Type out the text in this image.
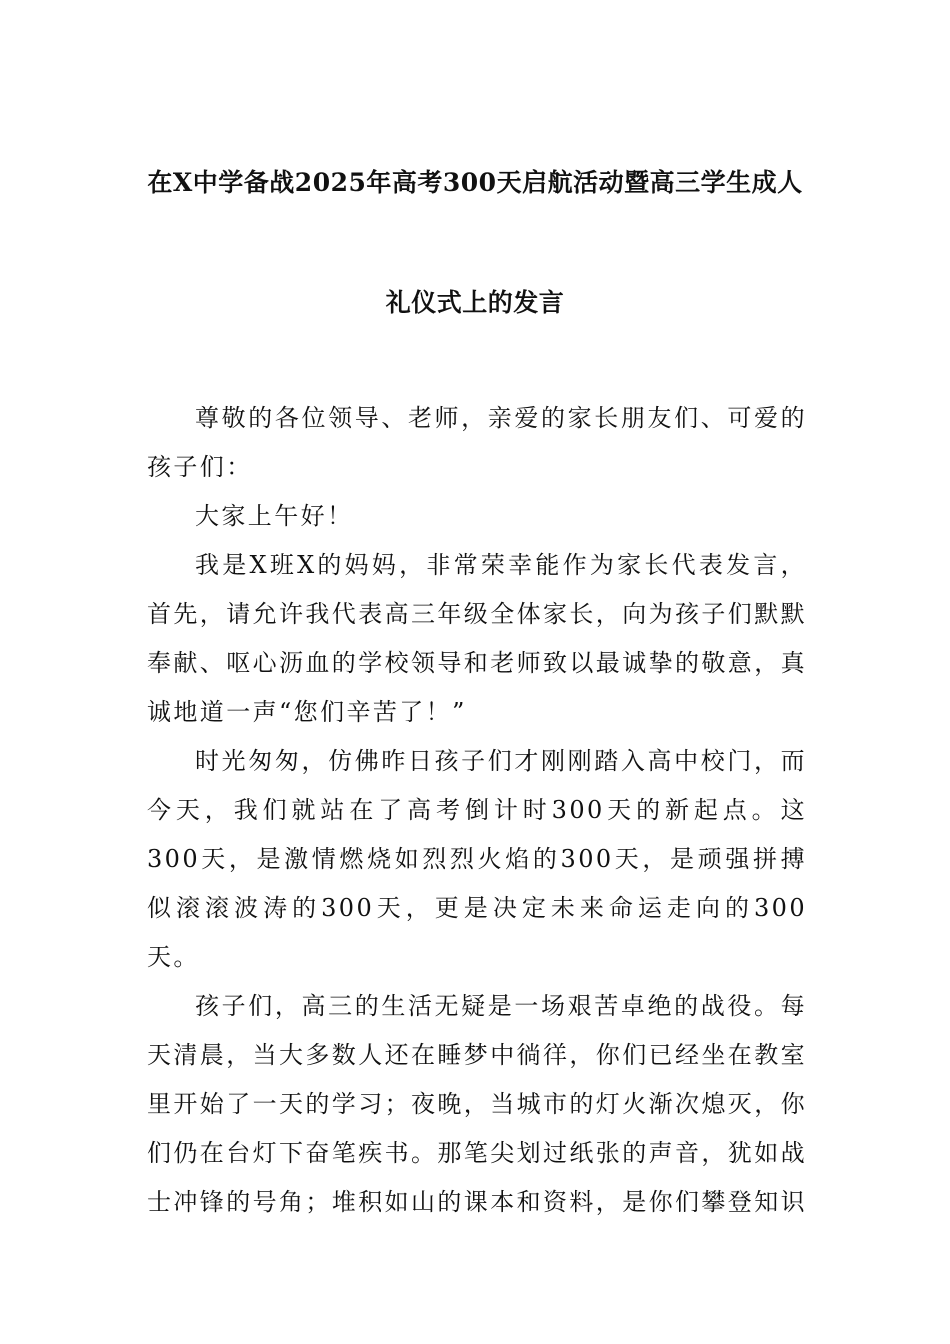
在X中学备战2025年高考300天启航活动暨高三学生成人
礼仪式上的发言

尊敬的各位领导、老师，亲爱的家长朋友们、可爱的孩子们：

大家上午好！

我是X班X的妈妈，非常荣幸能作为家长代表发言，首先，请允许我代表高三年级全体家长，向为孩子们默默奉献、呕心沥血的学校领导和老师致以最诚挚的敬意，真诚地道一声“您们辛苦了！”

时光匆匆，仿佛昨日孩子们才刚刚踏入高中校门，而今天，我们就站在了高考倒计时300天的新起点。这300天，是激情燃烧如烈烈火焰的300天，是顽强拼搏似滚滚波涛的300天，更是决定未来命运走向的300天。

孩子们，高三的生活无疑是一场艰苦卓绝的战役。每天清晨，当大多数人还在睡梦中徜徉，你们已经坐在教室里开始了一天的学习；夜晚，当城市的灯火渐次熄灭，你们仍在台灯下奋笔疾书。那笔尖划过纸张的声音，犹如战士冲锋的号角；堆积如山的课本和资料，是你们攀登知识
